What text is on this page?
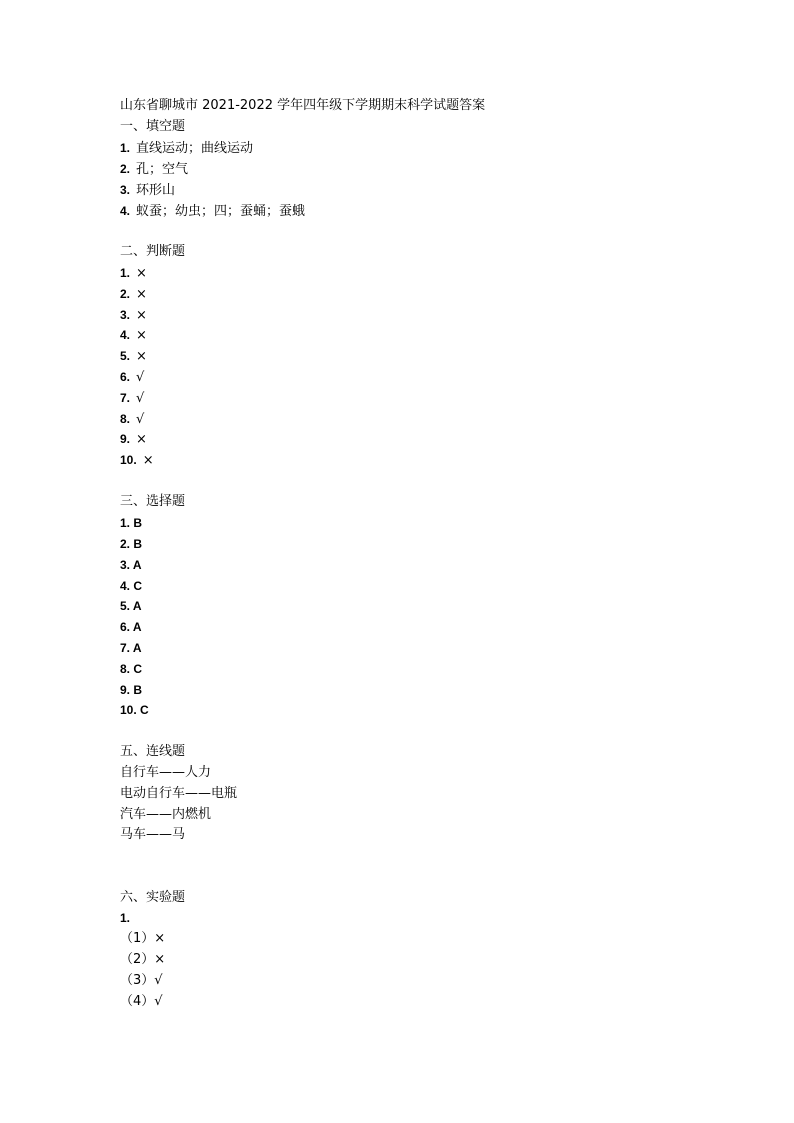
山东省聊城市 2021-2022 学年四年级下学期期末科学试题答案
一、填空题
1. 直线运动；曲线运动
2. 孔；空气
3. 环形山
4. 蚁蚕；幼虫；四；蚕蛹；蚕蛾
二、判断题
1. ×
2. ×
3. ×
4. ×
5. ×
6. √
7. √
8. √
9. ×
10. ×
三、选择题
1. B
2. B
3. A
4. C
5. A
6. A
7. A
8. C
9. B
10. C
五、连线题
自行车——人力
电动自行车——电瓶
汽车——内燃机
马车——马
六、实验题
1.
（1）×
（2）×
（3）√
（4）√
